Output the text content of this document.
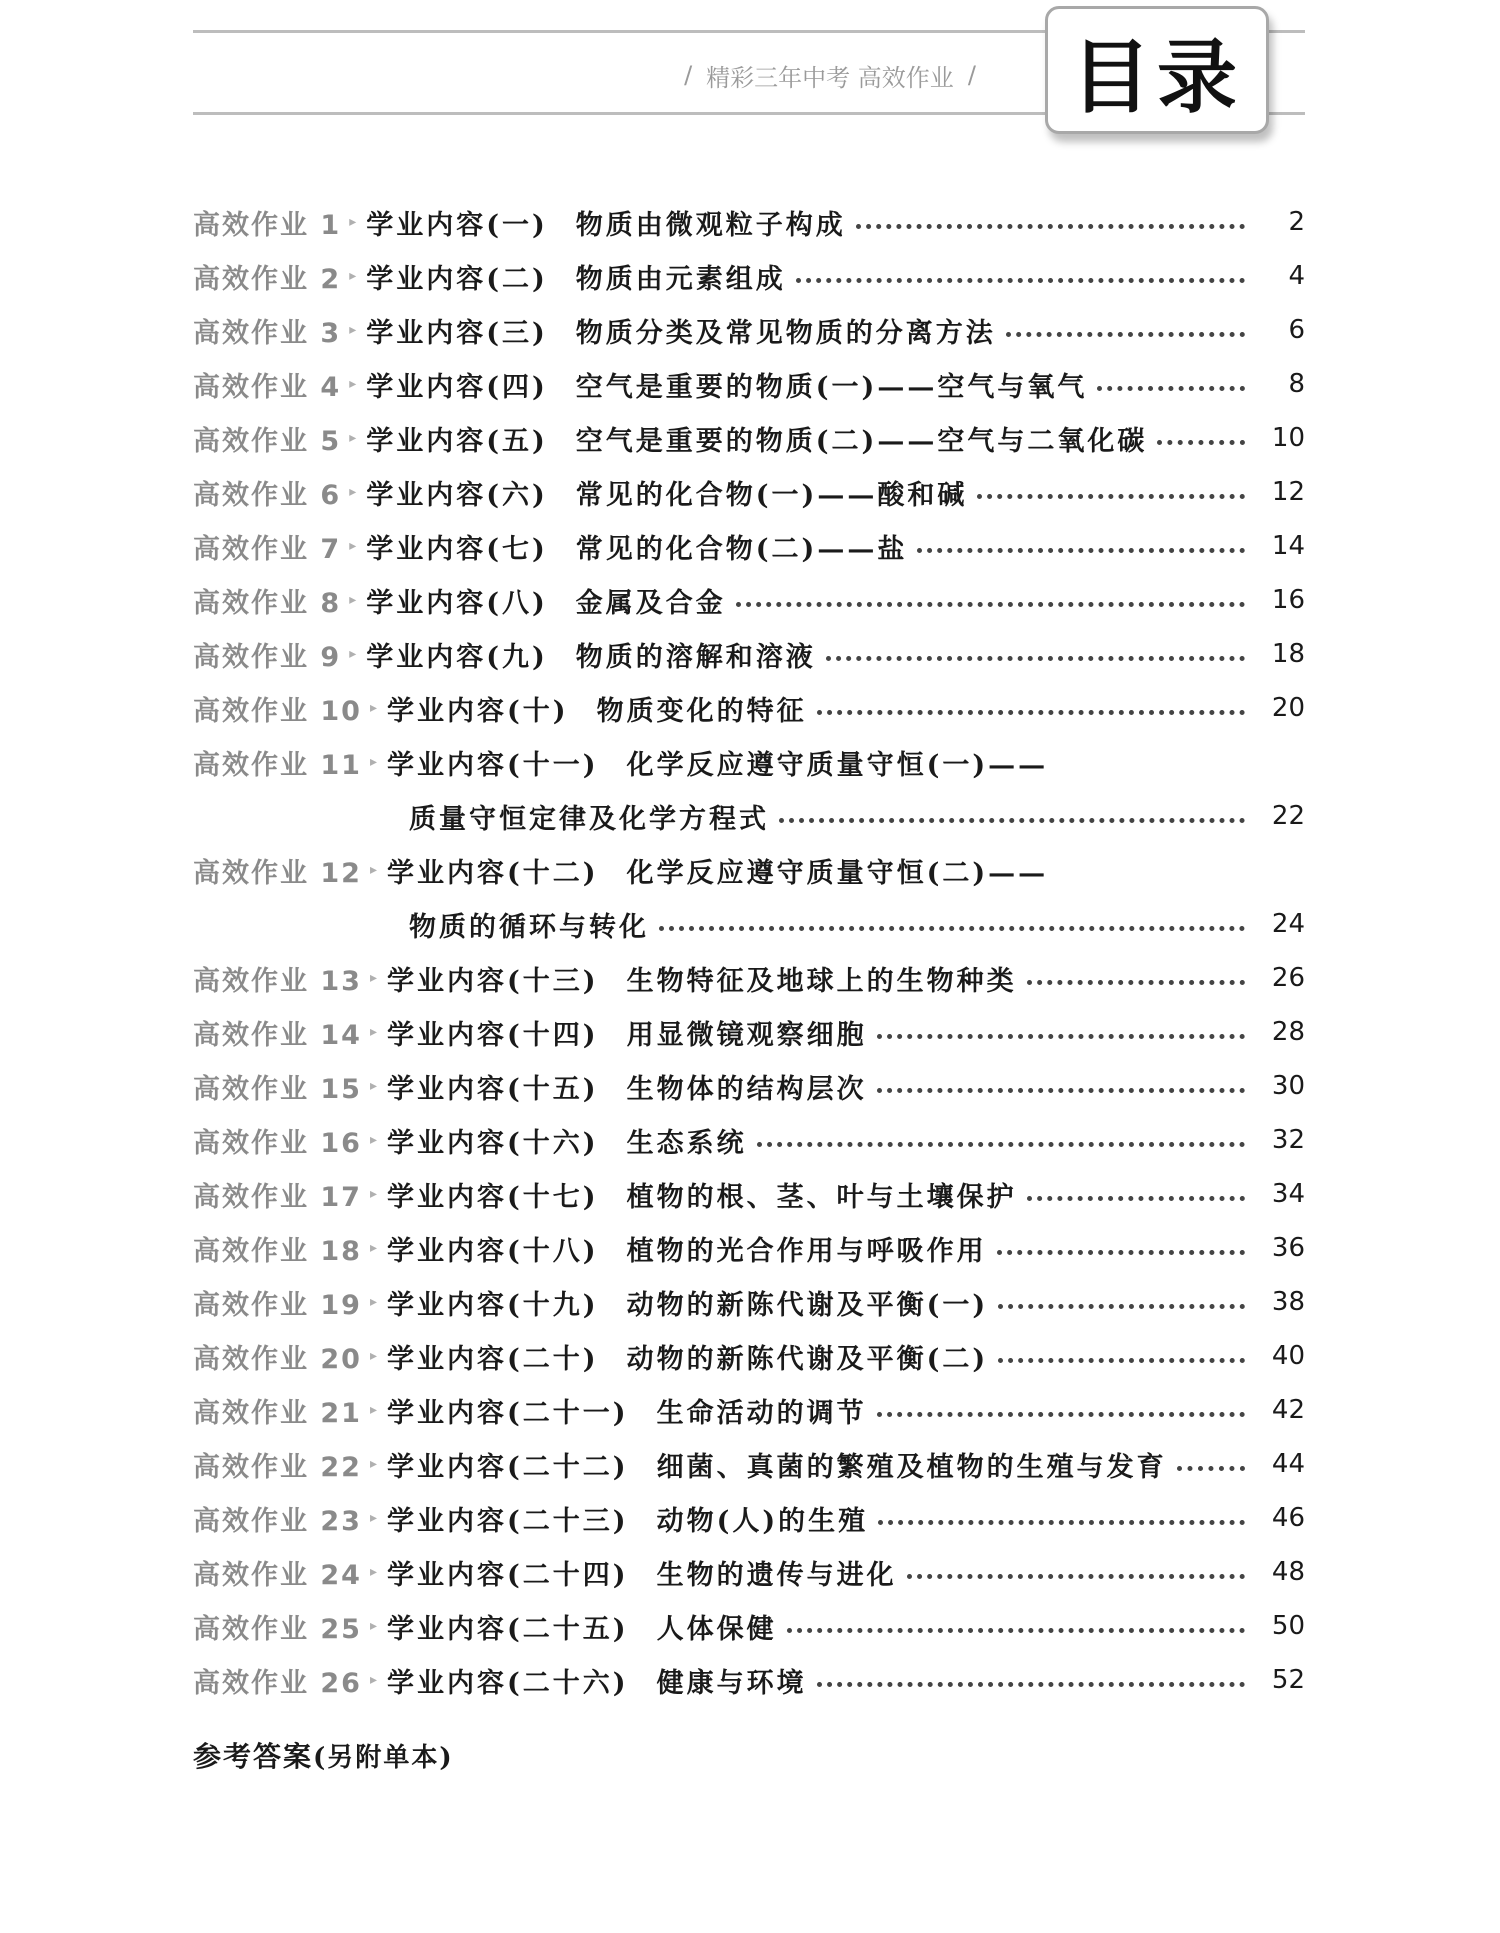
/ 精彩三年中考 高效作业 / 目录
高效作业 1 ▸ 学业内容(一) 物质由微观粒子构成	2
高效作业 2 ▸ 学业内容(二) 物质由元素组成	4
高效作业 3 ▸ 学业内容(三) 物质分类及常见物质的分离方法	6
高效作业 4 ▸ 学业内容(四) 空气是重要的物质(一)——空气与氧气	8
高效作业 5 ▸ 学业内容(五) 空气是重要的物质(二)——空气与二氧化碳	10
高效作业 6 ▸ 学业内容(六) 常见的化合物(一)——酸和碱	12
高效作业 7 ▸ 学业内容(七) 常见的化合物(二)——盐	14
高效作业 8 ▸ 学业内容(八) 金属及合金	16
高效作业 9 ▸ 学业内容(九) 物质的溶解和溶液	18
高效作业 10 ▸ 学业内容(十) 物质变化的特征	20
高效作业 11 ▸ 学业内容(十一) 化学反应遵守质量守恒(一)——
质量守恒定律及化学方程式	22
高效作业 12 ▸ 学业内容(十二) 化学反应遵守质量守恒(二)——
物质的循环与转化	24
高效作业 13 ▸ 学业内容(十三) 生物特征及地球上的生物种类	26
高效作业 14 ▸ 学业内容(十四) 用显微镜观察细胞	28
高效作业 15 ▸ 学业内容(十五) 生物体的结构层次	30
高效作业 16 ▸ 学业内容(十六) 生态系统	32
高效作业 17 ▸ 学业内容(十七) 植物的根、茎、叶与土壤保护	34
高效作业 18 ▸ 学业内容(十八) 植物的光合作用与呼吸作用	36
高效作业 19 ▸ 学业内容(十九) 动物的新陈代谢及平衡(一)	38
高效作业 20 ▸ 学业内容(二十) 动物的新陈代谢及平衡(二)	40
高效作业 21 ▸ 学业内容(二十一) 生命活动的调节	42
高效作业 22 ▸ 学业内容(二十二) 细菌、真菌的繁殖及植物的生殖与发育	44
高效作业 23 ▸ 学业内容(二十三) 动物(人)的生殖	46
高效作业 24 ▸ 学业内容(二十四) 生物的遗传与进化	48
高效作业 25 ▸ 学业内容(二十五) 人体保健	50
高效作业 26 ▸ 学业内容(二十六) 健康与环境	52
参考答案(另附单本)
